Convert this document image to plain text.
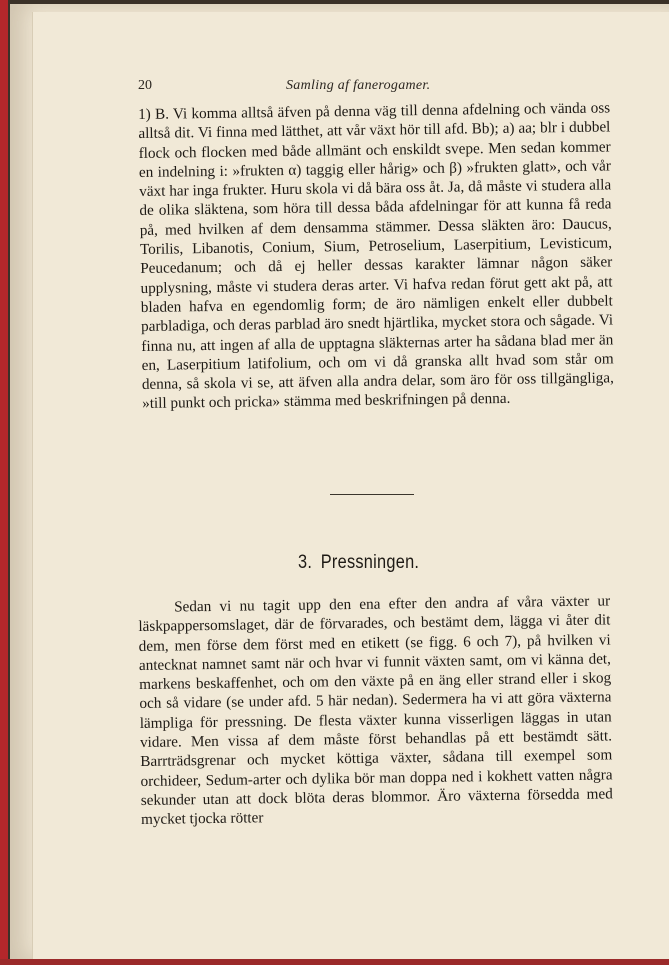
20	Samling af fanerogamer.
1) B. Vi komma alltså äfven på denna väg till denna afdelning och vända oss alltså dit. Vi finna med lätthet, att vår växt hör till afd. Bb); a) aa; blr i dubbel flock och flocken med både allmänt och enskildt svepe. Men sedan kommer en indelning i: »frukten α) taggig eller hårig» och β) »frukten glatt», och vår växt har inga frukter. Huru skola vi då bära oss åt. Ja, då måste vi studera alla de olika släktena, som höra till dessa båda afdelningar för att kunna få reda på, med hvilken af dem densamma stämmer. Dessa släkten äro: Daucus, Torilis, Libanotis, Conium, Sium, Petroselium, Laserpitium, Levisticum, Peucedanum; och då ej heller dessas karakter lämnar någon säker upplysning, måste vi studera deras arter. Vi hafva redan förut gett akt på, att bladen hafva en egendomlig form; de äro nämligen enkelt eller dubbelt parbladiga, och deras parblad äro snedt hjärtlika, mycket stora och sågade. Vi finna nu, att ingen af alla de upptagna släkternas arter ha sådana blad mer än en, Laserpitium latifolium, och om vi då granska allt hvad som står om denna, så skola vi se, att äfven alla andra delar, som äro för oss tillgängliga, »till punkt och pricka» stämma med beskrifningen på denna.
3. Pressningen.
Sedan vi nu tagit upp den ena efter den andra af våra växter ur läskpappersomslaget, där de förvarades, och bestämt dem, lägga vi åter dit dem, men förse dem först med en etikett (se figg. 6 och 7), på hvilken vi antecknat namnet samt när och hvar vi funnit växten samt, om vi känna det, markens beskaffenhet, och om den växte på en äng eller strand eller i skog och så vidare (se under afd. 5 här nedan). Sedermera ha vi att göra växterna lämpliga för pressning. De flesta växter kunna visserligen läggas in utan vidare. Men vissa af dem måste först behandlas på ett bestämdt sätt. Barrträdsgrenar och mycket köttiga växter, sådana till exempel som orchideer, Sedum-arter och dylika bör man doppa ned i kokhett vatten några sekunder utan att dock blöta deras blommor. Äro växterna försedda med mycket tjocka rötter
